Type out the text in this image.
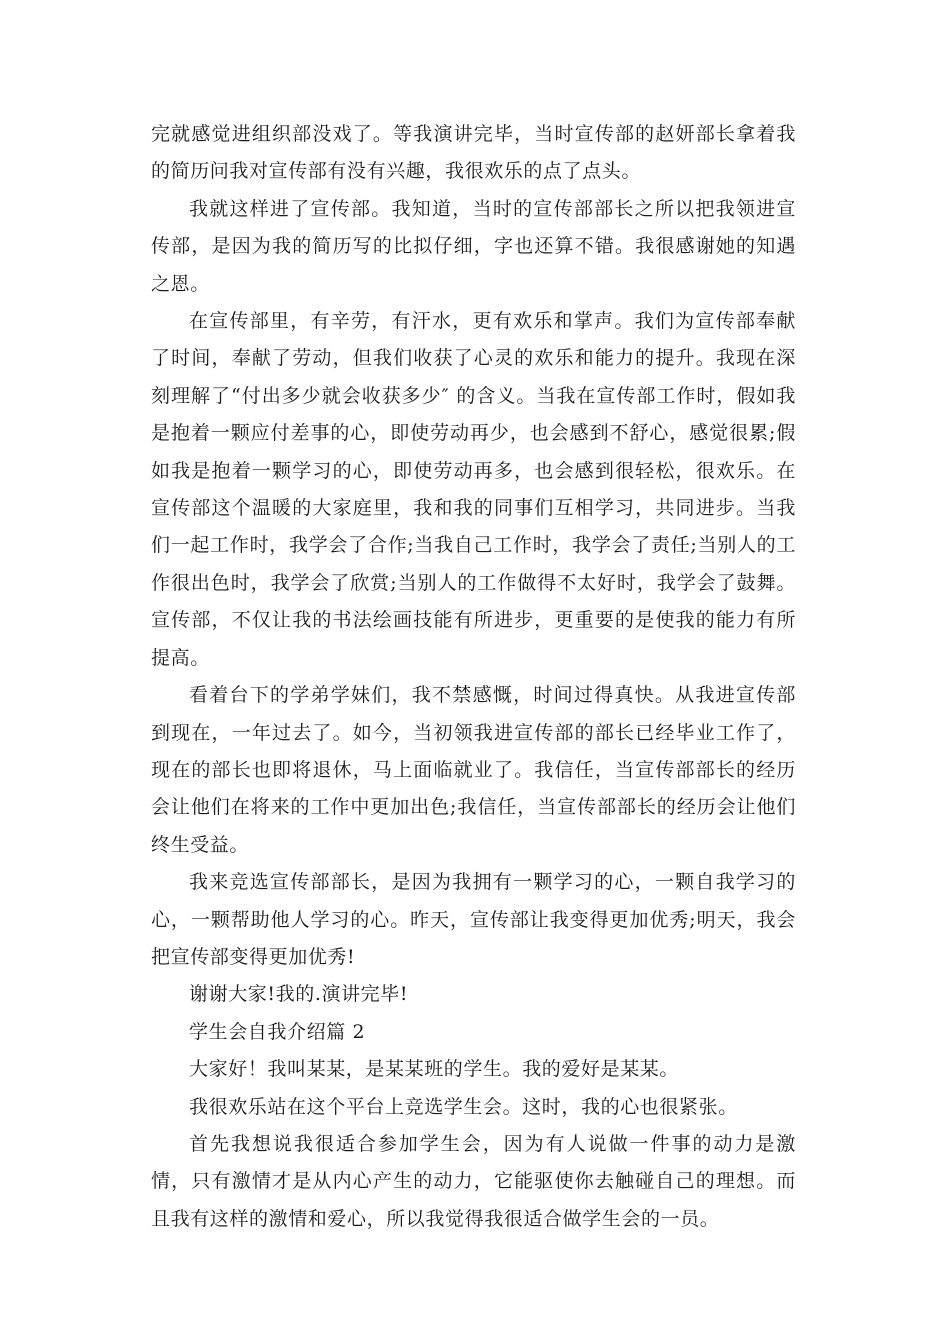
完就感觉进组织部没戏了。等我演讲完毕，当时宣传部的赵妍部长拿着我的简历问我对宣传部有没有兴趣，我很欢乐的点了点头。

我就这样进了宣传部。我知道，当时的宣传部部长之所以把我领进宣传部，是因为我的简历写的比拟仔细，字也还算不错。我很感谢她的知遇之恩。

在宣传部里，有辛劳，有汗水，更有欢乐和掌声。我们为宣传部奉献了时间，奉献了劳动，但我们收获了心灵的欢乐和能力的提升。我现在深刻理解了“付出多少就会收获多少″ 的含义。当我在宣传部工作时，假如我是抱着一颗应付差事的心，即使劳动再少，也会感到不舒心，感觉很累;假如我是抱着一颗学习的心，即使劳动再多，也会感到很轻松，很欢乐。在宣传部这个温暖的大家庭里，我和我的同事们互相学习，共同进步。当我们一起工作时，我学会了合作;当我自己工作时，我学会了责任;当别人的工作很出色时，我学会了欣赏;当别人的工作做得不太好时，我学会了鼓舞。宣传部，不仅让我的书法绘画技能有所进步，更重要的是使我的能力有所提高。

看着台下的学弟学妹们，我不禁感慨，时间过得真快。从我进宣传部到现在，一年过去了。如今，当初领我进宣传部的部长已经毕业工作了，现在的部长也即将退休，马上面临就业了。我信任，当宣传部部长的经历会让他们在将来的工作中更加出色;我信任，当宣传部部长的经历会让他们终生受益。

我来竞选宣传部部长，是因为我拥有一颗学习的心，一颗自我学习的心，一颗帮助他人学习的心。昨天，宣传部让我变得更加优秀;明天，我会把宣传部变得更加优秀!

谢谢大家!我的.演讲完毕!

学生会自我介绍篇 2

大家好！我叫某某，是某某班的学生。我的爱好是某某。

我很欢乐站在这个平台上竞选学生会。这时，我的心也很紧张。

首先我想说我很适合参加学生会，因为有人说做一件事的动力是激情，只有激情才是从内心产生的动力，它能驱使你去触碰自己的理想。而且我有这样的激情和爱心，所以我觉得我很适合做学生会的一员。
